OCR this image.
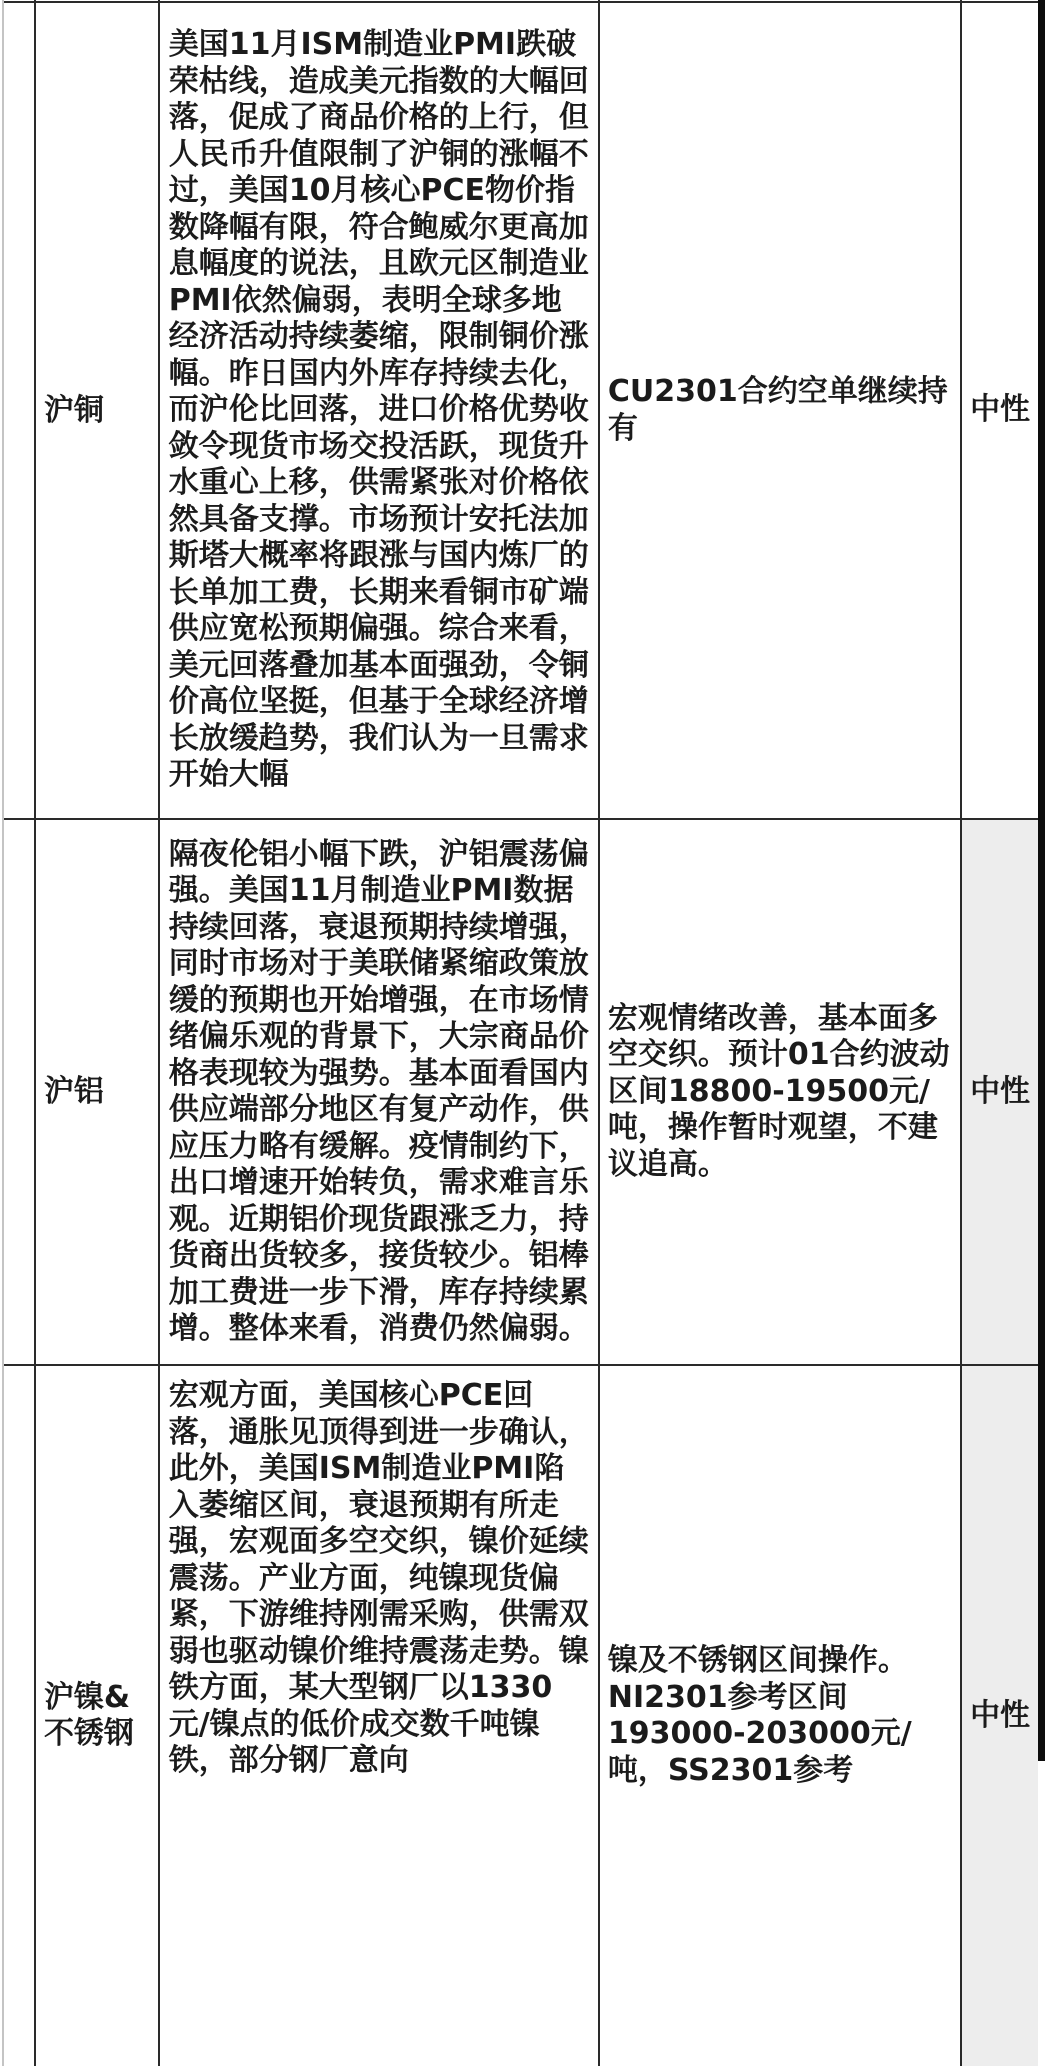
沪铜
美国11月ISM制造业PMI跌破荣枯线，造成美元指数的大幅回落，促成了商品价格的上行，但人民币升值限制了沪铜的涨幅不过，美国10月核心PCE物价指数降幅有限，符合鲍威尔更高加息幅度的说法，且欧元区制造业PMI依然偏弱，表明全球多地经济活动持续萎缩，限制铜价涨幅。昨日国内外库存持续去化，而沪伦比回落，进口价格优势收敛令现货市场交投活跃，现货升水重心上移，供需紧张对价格依然具备支撑。市场预计安托法加斯塔大概率将跟涨与国内炼厂的长单加工费，长期来看铜市矿端供应宽松预期偏强。综合来看，美元回落叠加基本面强劲，令铜价高位坚挺，但基于全球经济增长放缓趋势，我们认为一旦需求开始大幅
CU2301合约空单继续持有
中性
沪铝
隔夜伦铝小幅下跌，沪铝震荡偏强。美国11月制造业PMI数据持续回落，衰退预期持续增强，同时市场对于美联储紧缩政策放缓的预期也开始增强，在市场情绪偏乐观的背景下，大宗商品价格表现较为强势。基本面看国内供应端部分地区有复产动作，供应压力略有缓解。疫情制约下，出口增速开始转负，需求难言乐观。近期铝价现货跟涨乏力，持货商出货较多，接货较少。铝棒加工费进一步下滑，库存持续累增。整体来看，消费仍然偏弱。
宏观情绪改善，基本面多空交织。预计01合约波动区间18800-19500元/吨，操作暂时观望，不建议追高。
中性
沪镍&不锈钢
宏观方面，美国核心PCE回落，通胀见顶得到进一步确认，此外，美国ISM制造业PMI陷入萎缩区间，衰退预期有所走强，宏观面多空交织，镍价延续震荡。产业方面，纯镍现货偏紧，下游维持刚需采购，供需双弱也驱动镍价维持震荡走势。镍铁方面，某大型钢厂以1330元/镍点的低价成交数千吨镍铁，部分钢厂意向
镍及不锈钢区间操作。NI2301参考区间193000-203000元/吨，SS2301参考
中性
